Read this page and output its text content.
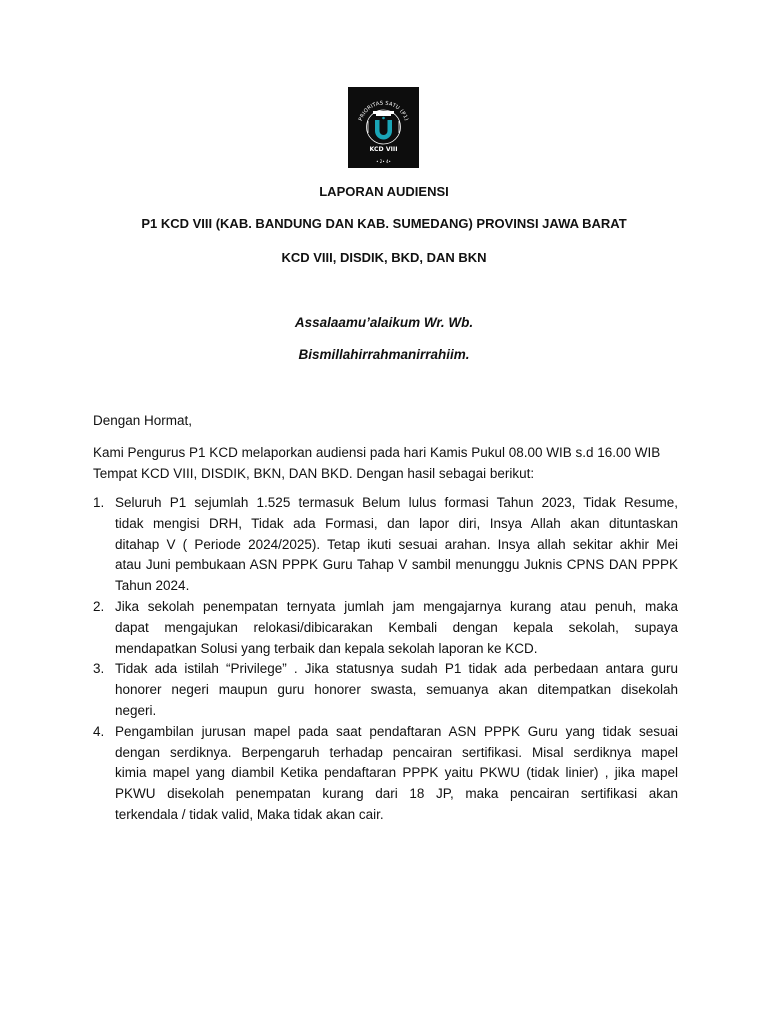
PRIORITAS SATU (P1)
KCD VIII
• 2• 4•
LAPORAN AUDIENSI
P1 KCD VIII (KAB. BANDUNG DAN KAB. SUMEDANG) PROVINSI JAWA BARAT
KCD VIII, DISDIK, BKD, DAN BKN
Assalaamu’alaikum Wr. Wb.
Bismillahirrahmanirrahiim.
Dengan Hormat,
Kami Pengurus P1 KCD melaporkan audiensi pada hari Kamis Pukul 08.00 WIB s.d 16.00 WIB
Tempat KCD VIII, DISDIK, BKN, DAN BKD. Dengan hasil sebagai berikut:
1. Seluruh P1 sejumlah 1.525 termasuk Belum lulus formasi Tahun 2023, Tidak Resume,
tidak mengisi DRH, Tidak ada Formasi, dan lapor diri, Insya Allah akan dituntaskan
ditahap V ( Periode 2024/2025). Tetap ikuti sesuai arahan. Insya allah sekitar akhir Mei
atau Juni pembukaan ASN PPPK Guru Tahap V sambil menunggu Juknis CPNS DAN PPPK
Tahun 2024.
2. Jika sekolah penempatan ternyata jumlah jam mengajarnya kurang atau penuh, maka
dapat mengajukan relokasi/dibicarakan Kembali dengan kepala sekolah, supaya
mendapatkan Solusi yang terbaik dan kepala sekolah laporan ke KCD.
3. Tidak ada istilah “Privilege” . Jika statusnya sudah P1 tidak ada perbedaan antara guru
honorer negeri maupun guru honorer swasta, semuanya akan ditempatkan disekolah
negeri.
4. Pengambilan jurusan mapel pada saat pendaftaran ASN PPPK Guru yang tidak sesuai
dengan serdiknya. Berpengaruh terhadap pencairan sertifikasi. Misal serdiknya mapel
kimia mapel yang diambil Ketika pendaftaran PPPK yaitu PKWU (tidak linier) , jika mapel
PKWU disekolah penempatan kurang dari 18 JP, maka pencairan sertifikasi akan
terkendala / tidak valid, Maka tidak akan cair.
